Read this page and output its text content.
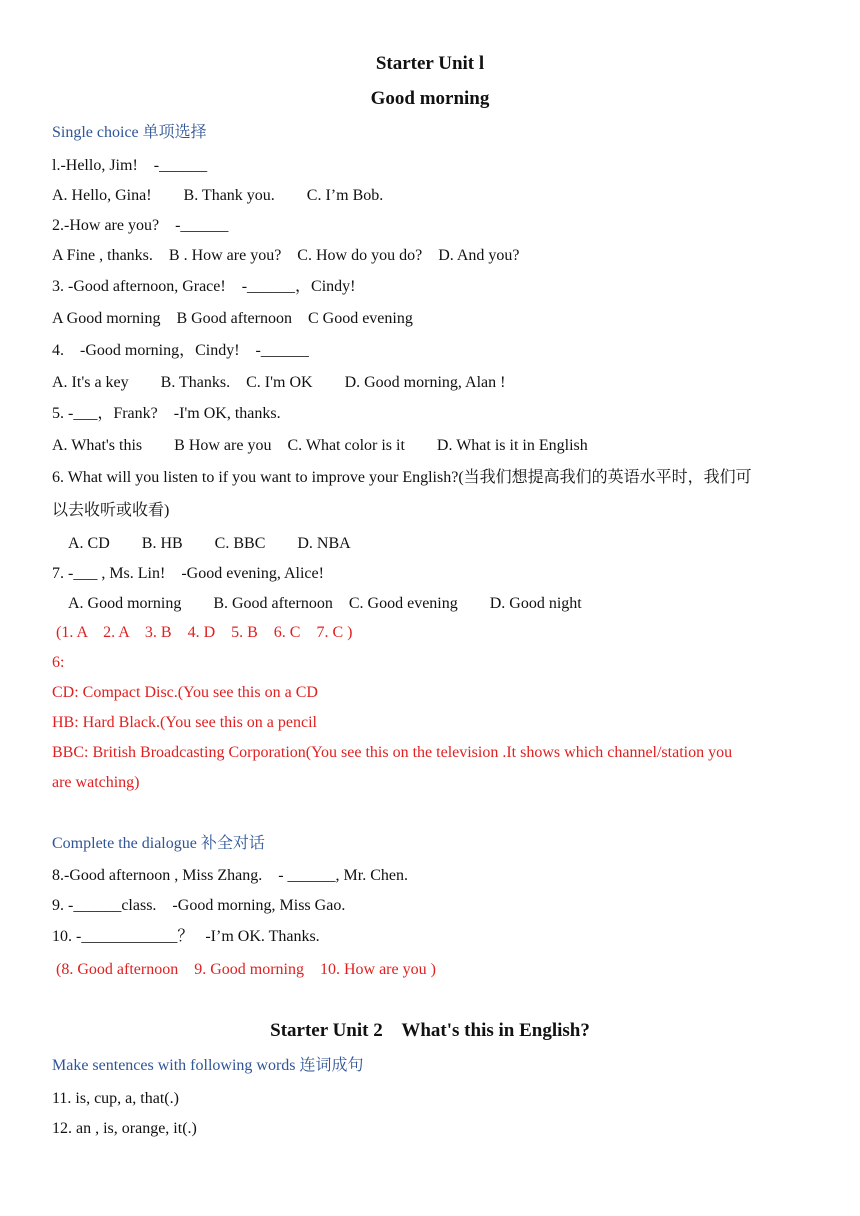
Starter Unit l
Good morning
Single choice 单项选择
l.-Hello, Jim!    -______
A. Hello, Gina!        B. Thank you.        C. I’m Bob.
2.-How are you?    -______
A Fine , thanks.    B . How are you?    C. How do you do?    D. And you?
3. -Good afternoon, Grace!    -______，Cindy!
A Good morning    B Good afternoon    C Good evening
4.    -Good morning，Cindy!    -______
A. It's a key        B. Thanks.    C. I'm OK        D. Good morning, Alan !
5. -___，Frank?    -I'm OK, thanks.
A. What's this        B How are you    C. What color is it        D. What is it in English
6. What will you listen to if you want to improve your English?(当我们想提高我们的英语水平时，我们可
以去收听或收看)
A. CD        B. HB        C. BBC        D. NBA
7. -___ , Ms. Lin!    -Good evening, Alice!
A. Good morning        B. Good afternoon    C. Good evening        D. Good night
(1. A    2. A    3. B    4. D    5. B    6. C    7. C )
6:
CD: Compact Disc.(You see this on a CD
HB: Hard Black.(You see this on a pencil
BBC: British Broadcasting Corporation(You see this on the television .It shows which channel/station you
are watching)
Complete the dialogue 补全对话
8.-Good afternoon , Miss Zhang.    - ______, Mr. Chen.
9. -______class.    -Good morning, Miss Gao.
10. -____________？   -I’m OK. Thanks.
(8. Good afternoon    9. Good morning    10. How are you )
Starter Unit 2    What's this in English?
Make sentences with following words 连词成句
11. is, cup, a, that(.)
12. an , is, orange, it(.)
